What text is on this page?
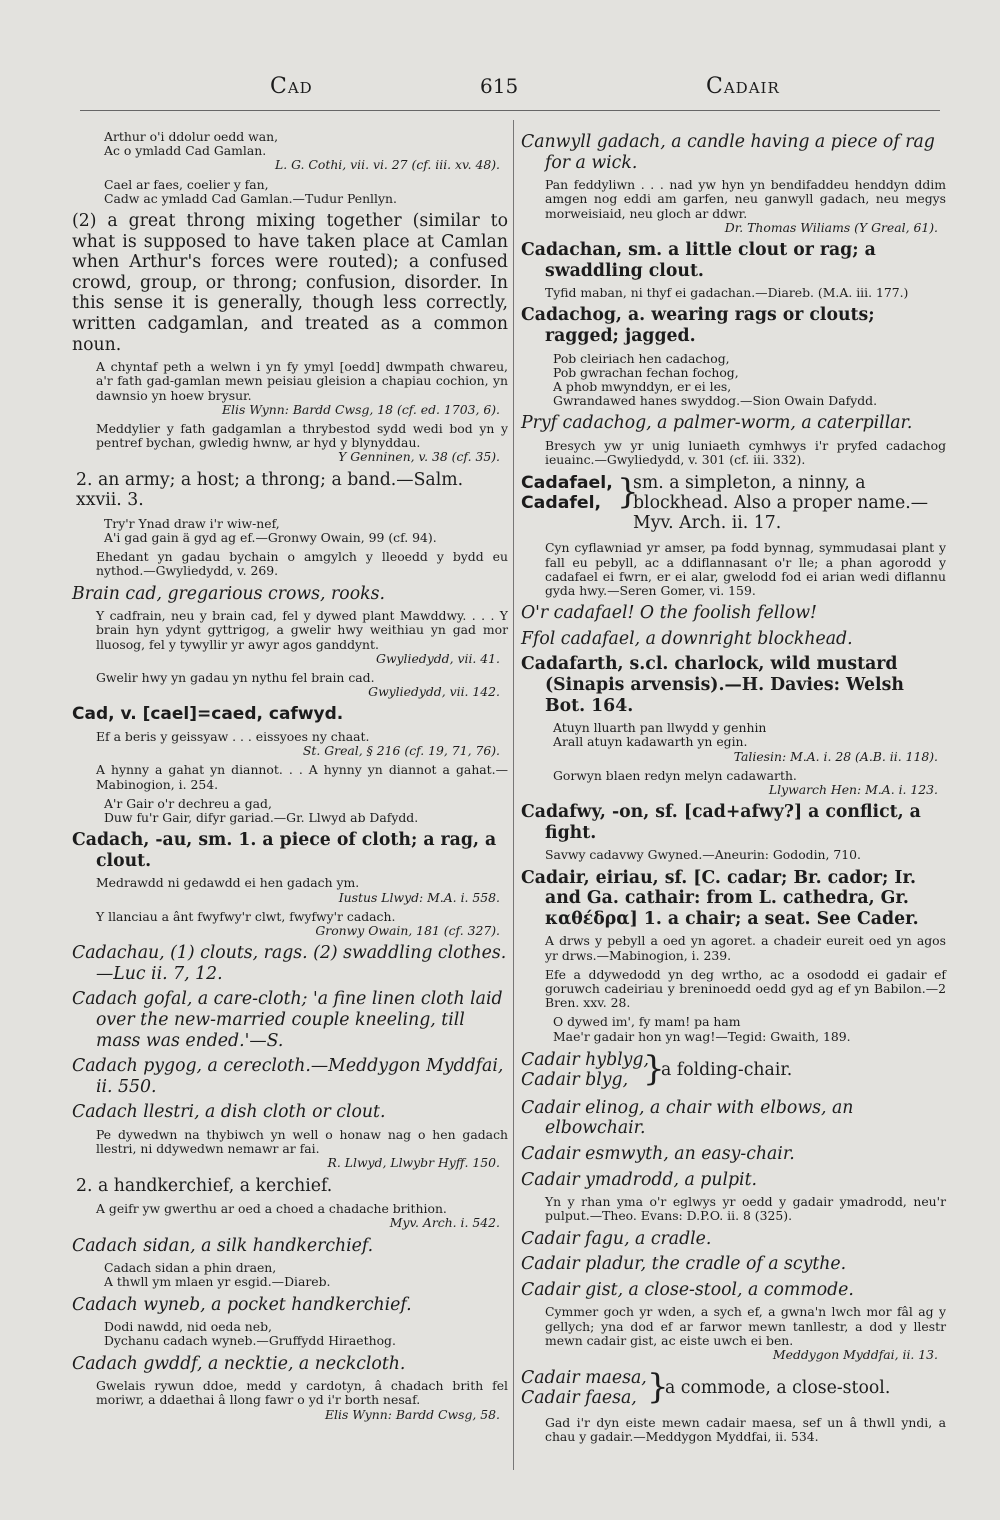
Cad	615	Cadair
Arthur o'i ddolur oedd wan,
Ac o ymladd Cad Gamlan.
L. G. Cothi, vii. vi. 27 (cf. iii. xv. 48).
Cael ar faes, coelier y fan,
Cadw ac ymladd Cad Gamlan.—Tudur Penllyn.
(2) a great throng mixing together (similar to what is supposed to have taken place at Camlan when Arthur's forces were routed); a confused crowd, group, or throng; confusion, disorder. In this sense it is generally, though less correctly, written cadgamlan, and treated as a common noun.
A chyntaf peth a welwn i yn fy ymyl [oedd] dwmpath chwareu, a'r fath gad-gamlan mewn peisiau gleision a chapiau cochion, yn dawnsio yn hoew brysur.
Elis Wynn: Bardd Cwsg, 18 (cf. ed. 1703, 6).
Meddylier y fath gadgamlan a thrybestod sydd wedi bod yn y pentref bychan, gwledig hwnw, ar hyd y blynyddau.
Y Genninen, v. 38 (cf. 35).
2. an army; a host; a throng; a band.—Salm. xxvii. 3.
Try'r Ynad draw i'r wiw-nef,
A'i gad gain ä gyd ag ef.—Gronwy Owain, 99 (cf. 94).
Ehedant yn gadau bychain o amgylch y lleoedd y bydd eu nythod.—Gwyliedydd, v. 269.
Brain cad, gregarious crows, rooks.
Y cadfrain, neu y brain cad, fel y dywed plant Mawddwy. . . . Y brain hyn ydynt gyttrigog, a gwelir hwy weithiau yn gad mor lluosog, fel y tywyllir yr awyr agos ganddynt.
Gwyliedydd, vii. 41.
Gwelir hwy yn gadau yn nythu fel brain cad.
Gwyliedydd, vii. 142.
Cad, v. [cael]=caed, cafwyd.
Ef a beris y geissyaw . . . eissyoes ny chaat.
St. Greal, § 216 (cf. 19, 71, 76).
A hynny a gahat yn diannot. . . A hynny yn diannot a gahat.—Mabinogion, i. 254.
A'r Gair o'r dechreu a gad,
Duw fu'r Gair, difyr gariad.—Gr. Llwyd ab Dafydd.
Cadach, -au, sm. 1. a piece of cloth; a rag, a clout.
Medrawdd ni gedawdd ei hen gadach ym.
Iustus Llwyd: M.A. i. 558.
Y llanciau a ânt fwyfwy'r clwt, fwyfwy'r cadach.
Gronwy Owain, 181 (cf. 327).
Cadachau, (1) clouts, rags. (2) swaddling clothes.—Luc ii. 7, 12.
Cadach gofal, a care-cloth; 'a fine linen cloth laid over the new-married couple kneeling, till mass was ended.'—S.
Cadach pygog, a cerecloth.—Meddygon Myddfai, ii. 550.
Cadach llestri, a dish cloth or clout.
Pe dywedwn na thybiwch yn well o honaw nag o hen gadach llestri, ni ddywedwn nemawr ar fai.
R. Llwyd, Llwybr Hyff. 150.
2. a handkerchief, a kerchief.
A geifr yw gwerthu ar oed a choed a chadache brithion.
Myv. Arch. i. 542.
Cadach sidan, a silk handkerchief.
Cadach sidan a phin draen,
A thwll ym mlaen yr esgid.—Diareb.
Cadach wyneb, a pocket handkerchief.
Dodi nawdd, nid oeda neb,
Dychanu cadach wyneb.—Gruffydd Hiraethog.
Cadach gwddf, a necktie, a neckcloth.
Gwelais rywun ddoe, medd y cardotyn, â chadach brith fel moriwr, a ddaethai â llong fawr o yd i'r borth nesaf.
Elis Wynn: Bardd Cwsg, 58.
Canwyll gadach, a candle having a piece of rag for a wick.
Pan feddyliwn . . . nad yw hyn yn bendifaddeu henddyn ddim amgen nog eddi am garfen, neu ganwyll gadach, neu megys morweisiaid, neu gloch ar ddwr.
Dr. Thomas Wiliams (Y Greal, 61).
Cadachan, sm. a little clout or rag; a swaddling clout.
Tyfid maban, ni thyf ei gadachan.—Diareb. (M.A. iii. 177.)
Cadachog, a. wearing rags or clouts; ragged; jagged.
Pob cleiriach hen cadachog,
Pob gwrachan fechan fochog,
A phob mwynddyn, er ei les,
Gwrandawed hanes swyddog.—Sion Owain Dafydd.
Pryf cadachog, a palmer-worm, a caterpillar.
Bresych yw yr unig luniaeth cymhwys i'r pryfed cadachog ieuainc.—Gwyliedydd, v. 301 (cf. iii. 332).
Cadafael,
Cadafel, }
sm. a simpleton, a ninny, a blockhead. Also a proper name.—Myv. Arch. ii. 17.
Cyn cyflawniad yr amser, pa fodd bynnag, symmudasai plant y fall eu pebyll, ac a ddiflannasant o'r lle; a phan agorodd y cadafael ei fwrn, er ei alar, gwelodd fod ei arian wedi diflannu gyda hwy.—Seren Gomer, vi. 159.
O'r cadafael! O the foolish fellow!
Ffol cadafael, a downright blockhead.
Cadafarth, s.cl. charlock, wild mustard (Sinapis arvensis).—H. Davies: Welsh Bot. 164.
Atuyn lluarth pan llwydd y genhin
Arall atuyn kadawarth yn egin.
Taliesin: M.A. i. 28 (A.B. ii. 118).
Gorwyn blaen redyn melyn cadawarth.
Llywarch Hen: M.A. i. 123.
Cadafwy, -on, sf. [cad+afwy?] a conflict, a fight.
Savwy cadavwy Gwyned.—Aneurin: Gododin, 710.
Cadair, eiriau, sf. [C. cadar; Br. cador; Ir. and Ga. cathair: from L. cathedra, Gr. καθέδρα] 1. a chair; a seat. See Cader.
A drws y pebyll a oed yn agoret. a chadeir eureit oed yn agos yr drws.—Mabinogion, i. 239.
Efe a ddywedodd yn deg wrtho, ac a osododd ei gadair ef goruwch cadeiriau y breninoedd oedd gyd ag ef yn Babilon.—2 Bren. xxv. 28.
O dywed im', fy mam! pa ham
Mae'r gadair hon yn wag!—Tegid: Gwaith, 189.
Cadair hyblyg,
Cadair blyg, }
a folding-chair.
Cadair elinog, a chair with elbows, an elbowchair.
Cadair esmwyth, an easy-chair.
Cadair ymadrodd, a pulpit.
Yn y rhan yma o'r eglwys yr oedd y gadair ymadrodd, neu'r pulput.—Theo. Evans: D.P.O. ii. 8 (325).
Cadair fagu, a cradle.
Cadair pladur, the cradle of a scythe.
Cadair gist, a close-stool, a commode.
Cymmer goch yr wden, a sych ef, a gwna'n lwch mor fâl ag y gellych; yna dod ef ar farwor mewn tanllestr, a dod y llestr mewn cadair gist, ac eiste uwch ei ben.
Meddygon Myddfai, ii. 13.
Cadair maesa,
Cadair faesa, }
a commode, a close-stool.
Gad i'r dyn eiste mewn cadair maesa, sef un â thwll yndi, a chau y gadair.—Meddygon Myddfai, ii. 534.
